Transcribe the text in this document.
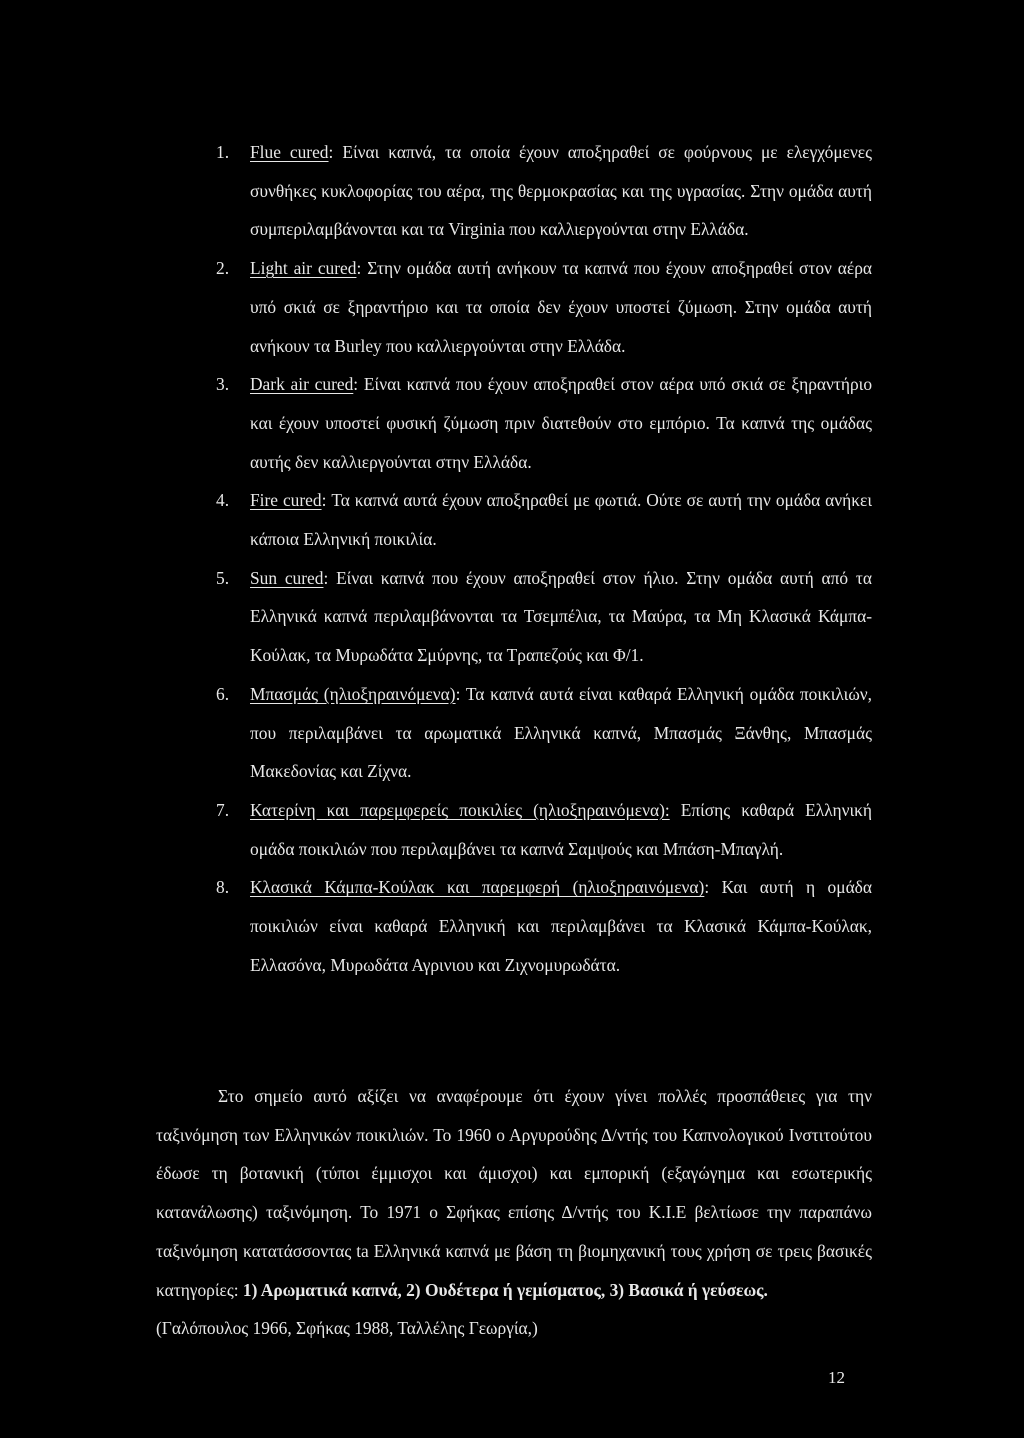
1. Flue cured: Είναι καπνά, τα οποία έχουν αποξηραθεί σε φούρνους με ελεγχόμενες συνθήκες κυκλοφορίας του αέρα, της θερμοκρασίας και της υγρασίας. Στην ομάδα αυτή συμπεριλαμβάνονται και τα Virginia που καλλιεργούνται στην Ελλάδα.
2. Light air cured: Στην ομάδα αυτή ανήκουν τα καπνά που έχουν αποξηραθεί στον αέρα υπό σκιά σε ξηραντήριο και τα οποία δεν έχουν υποστεί ζύμωση. Στην ομάδα αυτή ανήκουν τα Burley που καλλιεργούνται στην Ελλάδα.
3. Dark air cured: Είναι καπνά που έχουν αποξηραθεί στον αέρα υπό σκιά σε ξηραντήριο και έχουν υποστεί φυσική ζύμωση πριν διατεθούν στο εμπόριο. Τα καπνά της ομάδας αυτής δεν καλλιεργούνται στην Ελλάδα.
4. Fire cured: Τα καπνά αυτά έχουν αποξηραθεί με φωτιά. Ούτε σε αυτή την ομάδα ανήκει κάποια Ελληνική ποικιλία.
5. Sun cured: Είναι καπνά που έχουν αποξηραθεί στον ήλιο. Στην ομάδα αυτή από τα Ελληνικά καπνά περιλαμβάνονται τα Τσεμπέλια, τα Μαύρα, τα Μη Κλασικά Κάμπα-Κούλακ, τα Μυρωδάτα Σμύρνης, τα Τραπεζούς και Φ/1.
6. Μπασμάς (ηλιοξηραινόμενα): Τα καπνά αυτά είναι καθαρά Ελληνική ομάδα ποικιλιών, που περιλαμβάνει τα αρωματικά Ελληνικά καπνά, Μπασμάς Ξάνθης, Μπασμάς Μακεδονίας και Ζίχνα.
7. Κατερίνη και παρεμφερείς ποικιλίες (ηλιοξηραινόμενα): Επίσης καθαρά Ελληνική ομάδα ποικιλιών που περιλαμβάνει τα καπνά Σαμψούς και Μπάση-Μπαγλή.
8. Κλασικά Κάμπα-Κούλακ και παρεμφερή (ηλιοξηραινόμενα): Και αυτή η ομάδα ποικιλιών είναι καθαρά Ελληνική και περιλαμβάνει τα Κλασικά Κάμπα-Κούλακ, Ελλασόνα, Μυρωδάτα Αγρινιου και Ζιχνομυρωδάτα.

Στο σημείο αυτό αξίζει να αναφέρουμε ότι έχουν γίνει πολλές προσπάθειες για την ταξινόμηση των Ελληνικών ποικιλιών. Το 1960 ο Αργυρούδης Δ/ντής του Καπνολογικού Ινστιτούτου έδωσε τη βοτανική (τύποι έμμισχοι και άμισχοι) και εμπορική (εξαγώγημα και εσωτερικής κατανάλωσης) ταξινόμηση. Το 1971 ο Σφήκας επίσης Δ/ντής του Κ.Ι.Ε βελτίωσε την παραπάνω ταξινόμηση κατατάσσοντας ta Ελληνικά καπνά με βάση τη βιομηχανική τους χρήση σε τρεις βασικές κατηγορίες: 1) Αρωματικά καπνά, 2) Ουδέτερα ή γεμίσματος, 3) Βασικά ή γεύσεως.
(Γαλόπουλος 1966, Σφήκας 1988, Ταλλέλης Γεωργία,)

12
